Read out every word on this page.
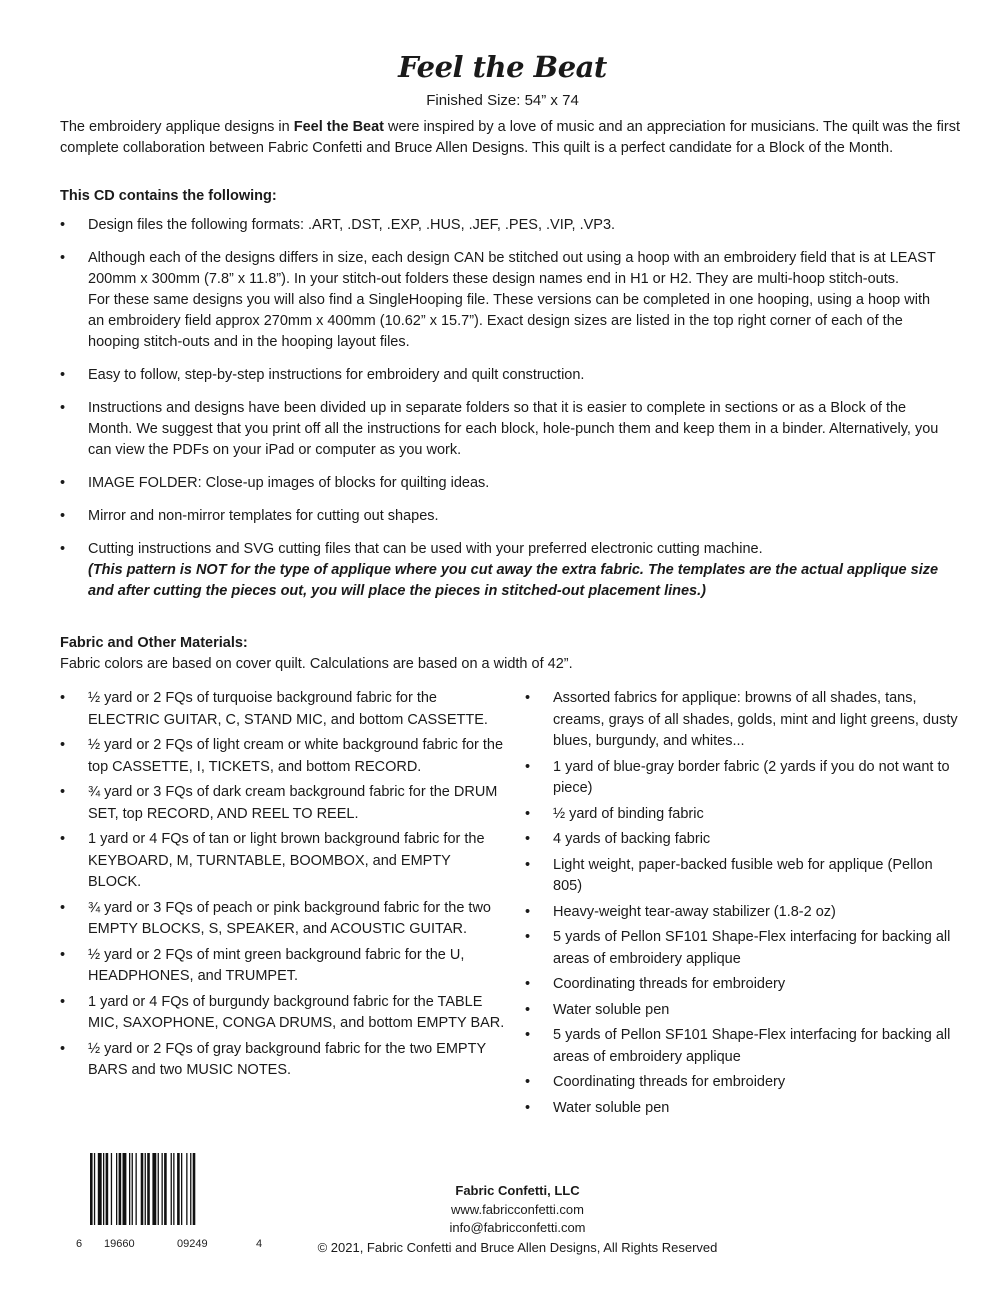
Feel the Beat
Finished Size: 54” x 74

The embroidery applique designs in Feel the Beat were inspired by a love of music and an appreciation for musicians. The quilt was the first complete collaboration between Fabric Confetti and Bruce Allen Designs. This quilt is a perfect candidate for a Block of the Month.

This CD contains the following:
• Design files the following formats: .ART, .DST, .EXP, .HUS, .JEF, .PES, .VIP, .VP3.
• Although each of the designs differs in size, each design CAN be stitched out using a hoop with an embroidery field that is at LEAST 200mm x 300mm (7.8” x 11.8”). In your stitch-out folders these design names end in H1 or H2. They are multi-hoop stitch-outs.
For these same designs you will also find a SingleHooping file. These versions can be completed in one hooping, using a hoop with an embroidery field approx 270mm x 400mm (10.62” x 15.7”). Exact design sizes are listed in the top right corner of each of the hooping stitch-outs and in the hooping layout files.
• Easy to follow, step-by-step instructions for embroidery and quilt construction.
• Instructions and designs have been divided up in separate folders so that it is easier to complete in sections or as a Block of the Month. We suggest that you print off all the instructions for each block, hole-punch them and keep them in a binder. Alternatively, you can view the PDFs on your iPad or computer as you work.
• IMAGE FOLDER: Close-up images of blocks for quilting ideas.
• Mirror and non-mirror templates for cutting out shapes.
• Cutting instructions and SVG cutting files that can be used with your preferred electronic cutting machine.
(This pattern is NOT for the type of applique where you cut away the extra fabric. The templates are the actual applique size and after cutting the pieces out, you will place the pieces in stitched-out placement lines.)
Fabric and Other Materials:
Fabric colors are based on cover quilt. Calculations are based on a width of 42”.
• ½ yard or 2 FQs of turquoise background fabric for the ELECTRIC GUITAR, C, STAND MIC, and bottom CASSETTE.
• ½ yard or 2 FQs of light cream or white background fabric for the top CASSETTE, I, TICKETS, and bottom RECORD.
• ¾ yard or 3 FQs of dark cream background fabric for the DRUM SET, top RECORD, AND REEL TO REEL.
• 1 yard or 4 FQs of tan or light brown background fabric for the KEYBOARD, M, TURNTABLE, BOOMBOX, and EMPTY BLOCK.
• ¾ yard or 3 FQs of peach or pink background fabric for the two EMPTY BLOCKS, S, SPEAKER, and ACOUSTIC GUITAR.
• ½ yard or 2 FQs of mint green background fabric for the U, HEADPHONES, and TRUMPET.
• 1 yard or 4 FQs of burgundy background fabric for the TABLE MIC, SAXOPHONE, CONGA DRUMS, and bottom EMPTY BAR.
• ½ yard or 2 FQs of gray background fabric for the two EMPTY BARS and two MUSIC NOTES.
• Assorted fabrics for applique: browns of all shades, tans, creams, grays of all shades, golds, mint and light greens, dusty blues, burgundy, and whites...
• 1 yard of blue-gray border fabric (2 yards if you do not want to piece)
• ½ yard of binding fabric
• 4 yards of backing fabric
• Light weight, paper-backed fusible web for applique (Pellon 805)
• Heavy-weight tear-away stabilizer (1.8-2 oz)
• 5 yards of Pellon SF101 Shape-Flex interfacing for backing all areas of embroidery applique
• Coordinating threads for embroidery
• Water soluble pen
• 5 yards of Pellon SF101 Shape-Flex interfacing for backing all areas of embroidery applique
• Coordinating threads for embroidery
• Water soluble pen
6 19660	09249	4
Fabric Confetti, LLC
www.fabricconfetti.com
info@fabricconfetti.com
© 2021, Fabric Confetti and Bruce Allen Designs, All Rights Reserved
